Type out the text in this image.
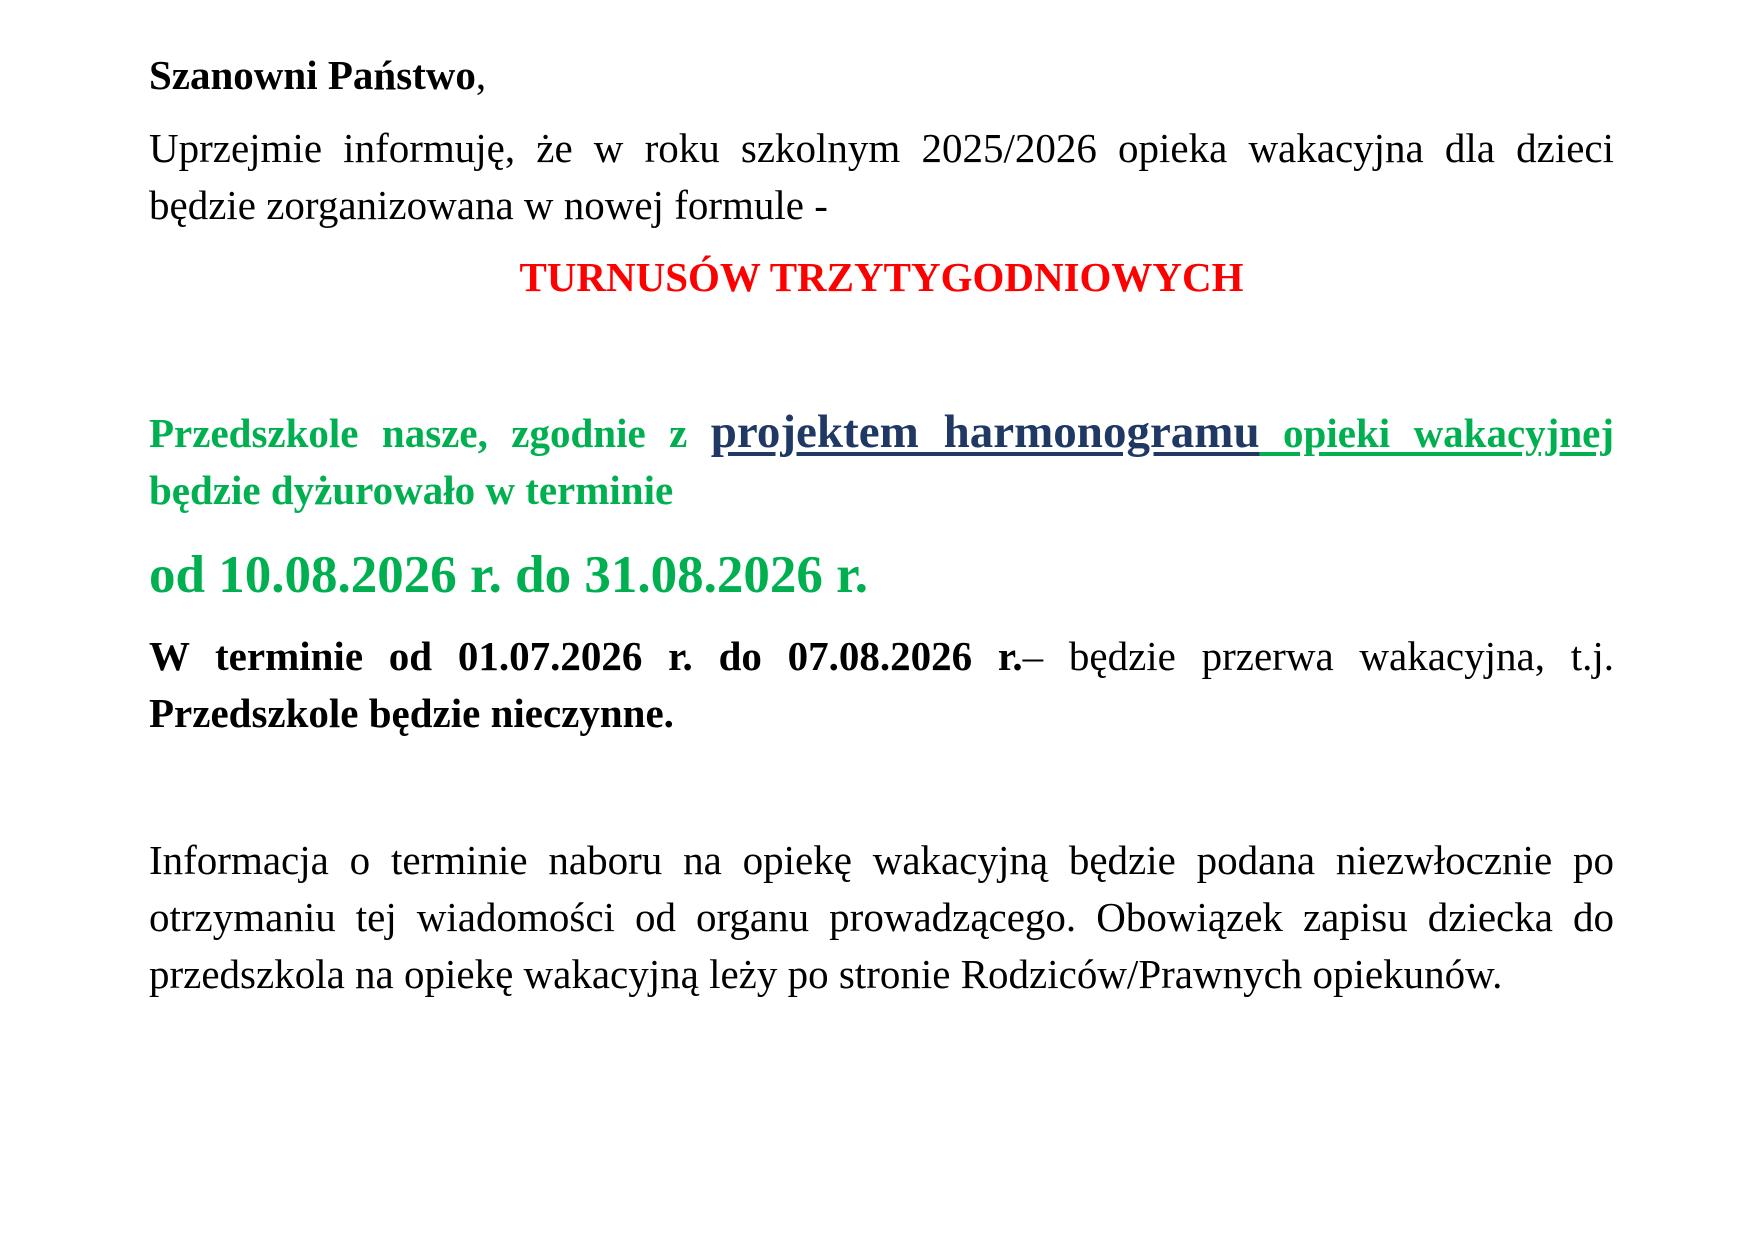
Szanowni Państwo,

Uprzejmie informuję, że w roku szkolnym 2025/2026 opieka wakacyjna dla dzieci będzie zorganizowana w nowej formule -

TURNUSÓW TRZYTYGODNIOWYCH

Przedszkole nasze, zgodnie z projektem harmonogramu opieki wakacyjnej będzie dyżurowało w terminie

od 10.08.2026 r. do 31.08.2026 r.

W terminie od 01.07.2026 r. do 07.08.2026 r.– będzie przerwa wakacyjna, t.j. Przedszkole będzie nieczynne.

Informacja o terminie naboru na opiekę wakacyjną będzie podana niezwłocznie po otrzymaniu tej wiadomości od organu prowadzącego. Obowiązek zapisu dziecka do przedszkola na opiekę wakacyjną leży po stronie Rodziców/Prawnych opiekunów.
